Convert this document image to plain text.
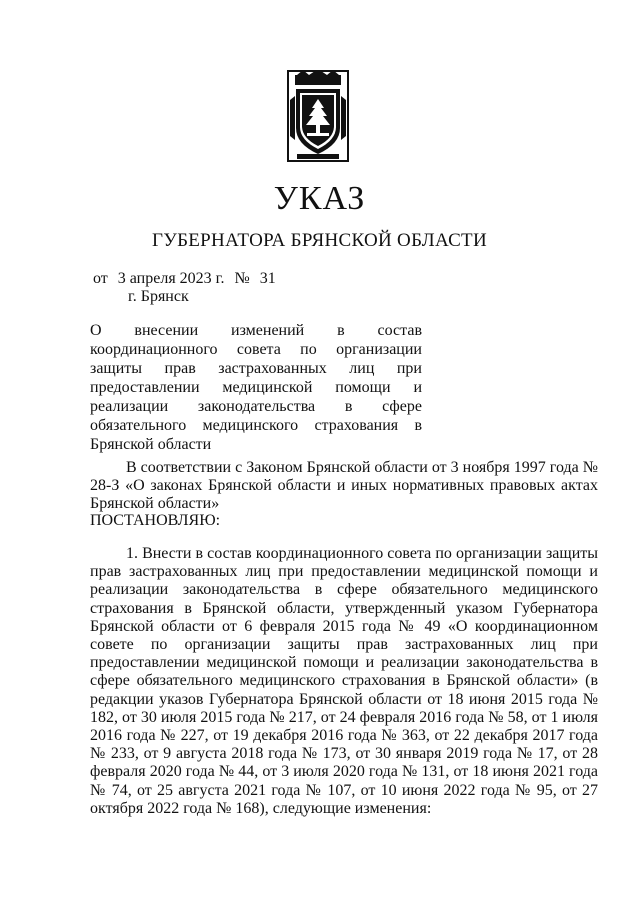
УКАЗ
ГУБЕРНАТОРА БРЯНСКОЙ ОБЛАСТИ
от 3 апреля 2023 г. № 31
г. Брянск
О внесении изменений в состав координационного совета по организации защиты прав застрахованных лиц при предоставлении медицинской помощи и реализации законодательства в сфере обязательного медицинского страхования в Брянской области
В соответствии с Законом Брянской области от 3 ноября 1997 года № 28-З «О законах Брянской области и иных нормативных правовых актах Брянской области»
ПОСТАНОВЛЯЮ:
1. Внести в состав координационного совета по организации защиты прав застрахованных лиц при предоставлении медицинской помощи и реализации законодательства в сфере обязательного медицинского страхования в Брянской области, утвержденный указом Губернатора Брянской области от 6 февраля 2015 года № 49 «О координационном совете по организации защиты прав застрахованных лиц при предоставлении медицинской помощи и реализации законодательства в сфере обязательного медицинского страхования в Брянской области» (в редакции указов Губернатора Брянской области от 18 июня 2015 года № 182, от 30 июля 2015 года № 217, от 24 февраля 2016 года № 58, от 1 июля 2016 года № 227, от 19 декабря 2016 года № 363, от 22 декабря 2017 года № 233, от 9 августа 2018 года № 173, от 30 января 2019 года № 17, от 28 февраля 2020 года № 44, от 3 июля 2020 года № 131, от 18 июня 2021 года № 74, от 25 августа 2021 года № 107, от 10 июня 2022 года № 95, от 27 октября 2022 года № 168), следующие изменения:
